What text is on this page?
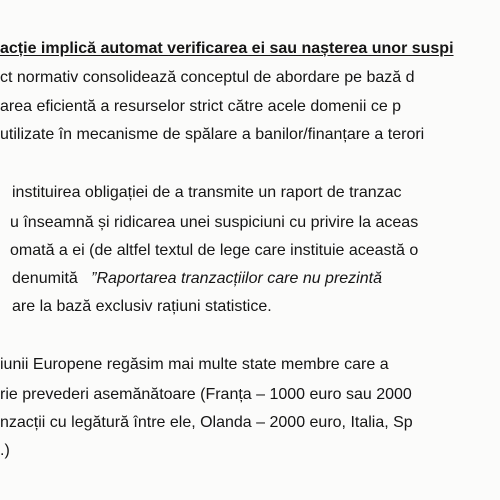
acție implică automat verificarea ei sau nașterea unor suspi
ct normativ consolidează conceptul de abordare pe bază d
area eficientă a resurselor strict către acele domenii ce p
utilizate în mecanisme de spălare a banilor/finanțare a terori
instituirea obligației de a transmite un raport de tranzac
u înseamnă și ridicarea unei suspiciuni cu privire la aceas
omată a ei (de altfel textul de lege care instituie această o
denumită ”Raportarea tranzacțiilor care nu prezintă
are la bază exclusiv rațiuni statistice.
iunii Europene regăsim mai multe state membre care a
rie prevederi asemănătoare (Franța – 1000 euro sau 2000
nzacții cu legătură între ele, Olanda – 2000 euro, Italia, Sp
.)
